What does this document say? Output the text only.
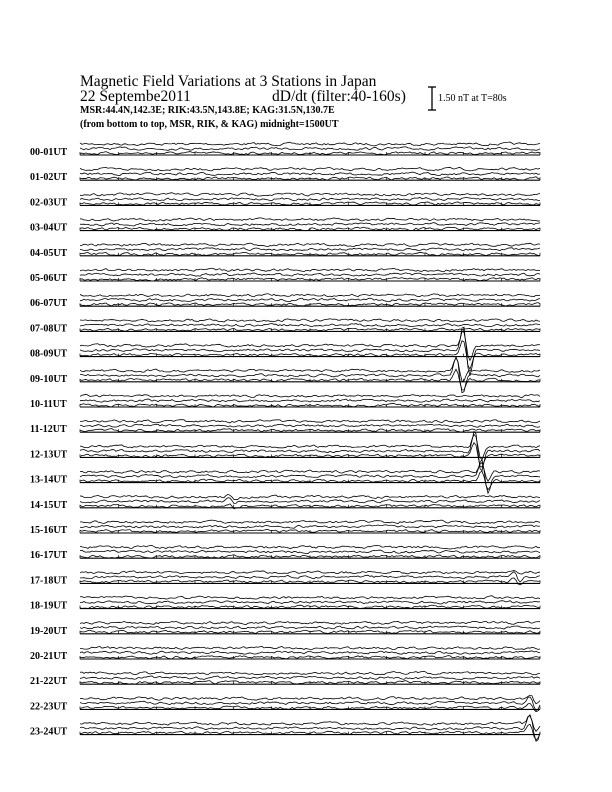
Magnetic Field Variations at 3 Stations in Japan
22 Septembe2011	dD/dt (filter:40-160s)
MSR:44.4N,142.3E; RIK:43.5N,143.8E; KAG:31.5N,130.7E
(from bottom to top, MSR, RIK, & KAG) midnight=1500UT
1.50 nT at T=80s
00-01UT
01-02UT
02-03UT
03-04UT
04-05UT
05-06UT
06-07UT
07-08UT
08-09UT
09-10UT
10-11UT
11-12UT
12-13UT
13-14UT
14-15UT
15-16UT
16-17UT
17-18UT
18-19UT
19-20UT
20-21UT
21-22UT
22-23UT
23-24UT
